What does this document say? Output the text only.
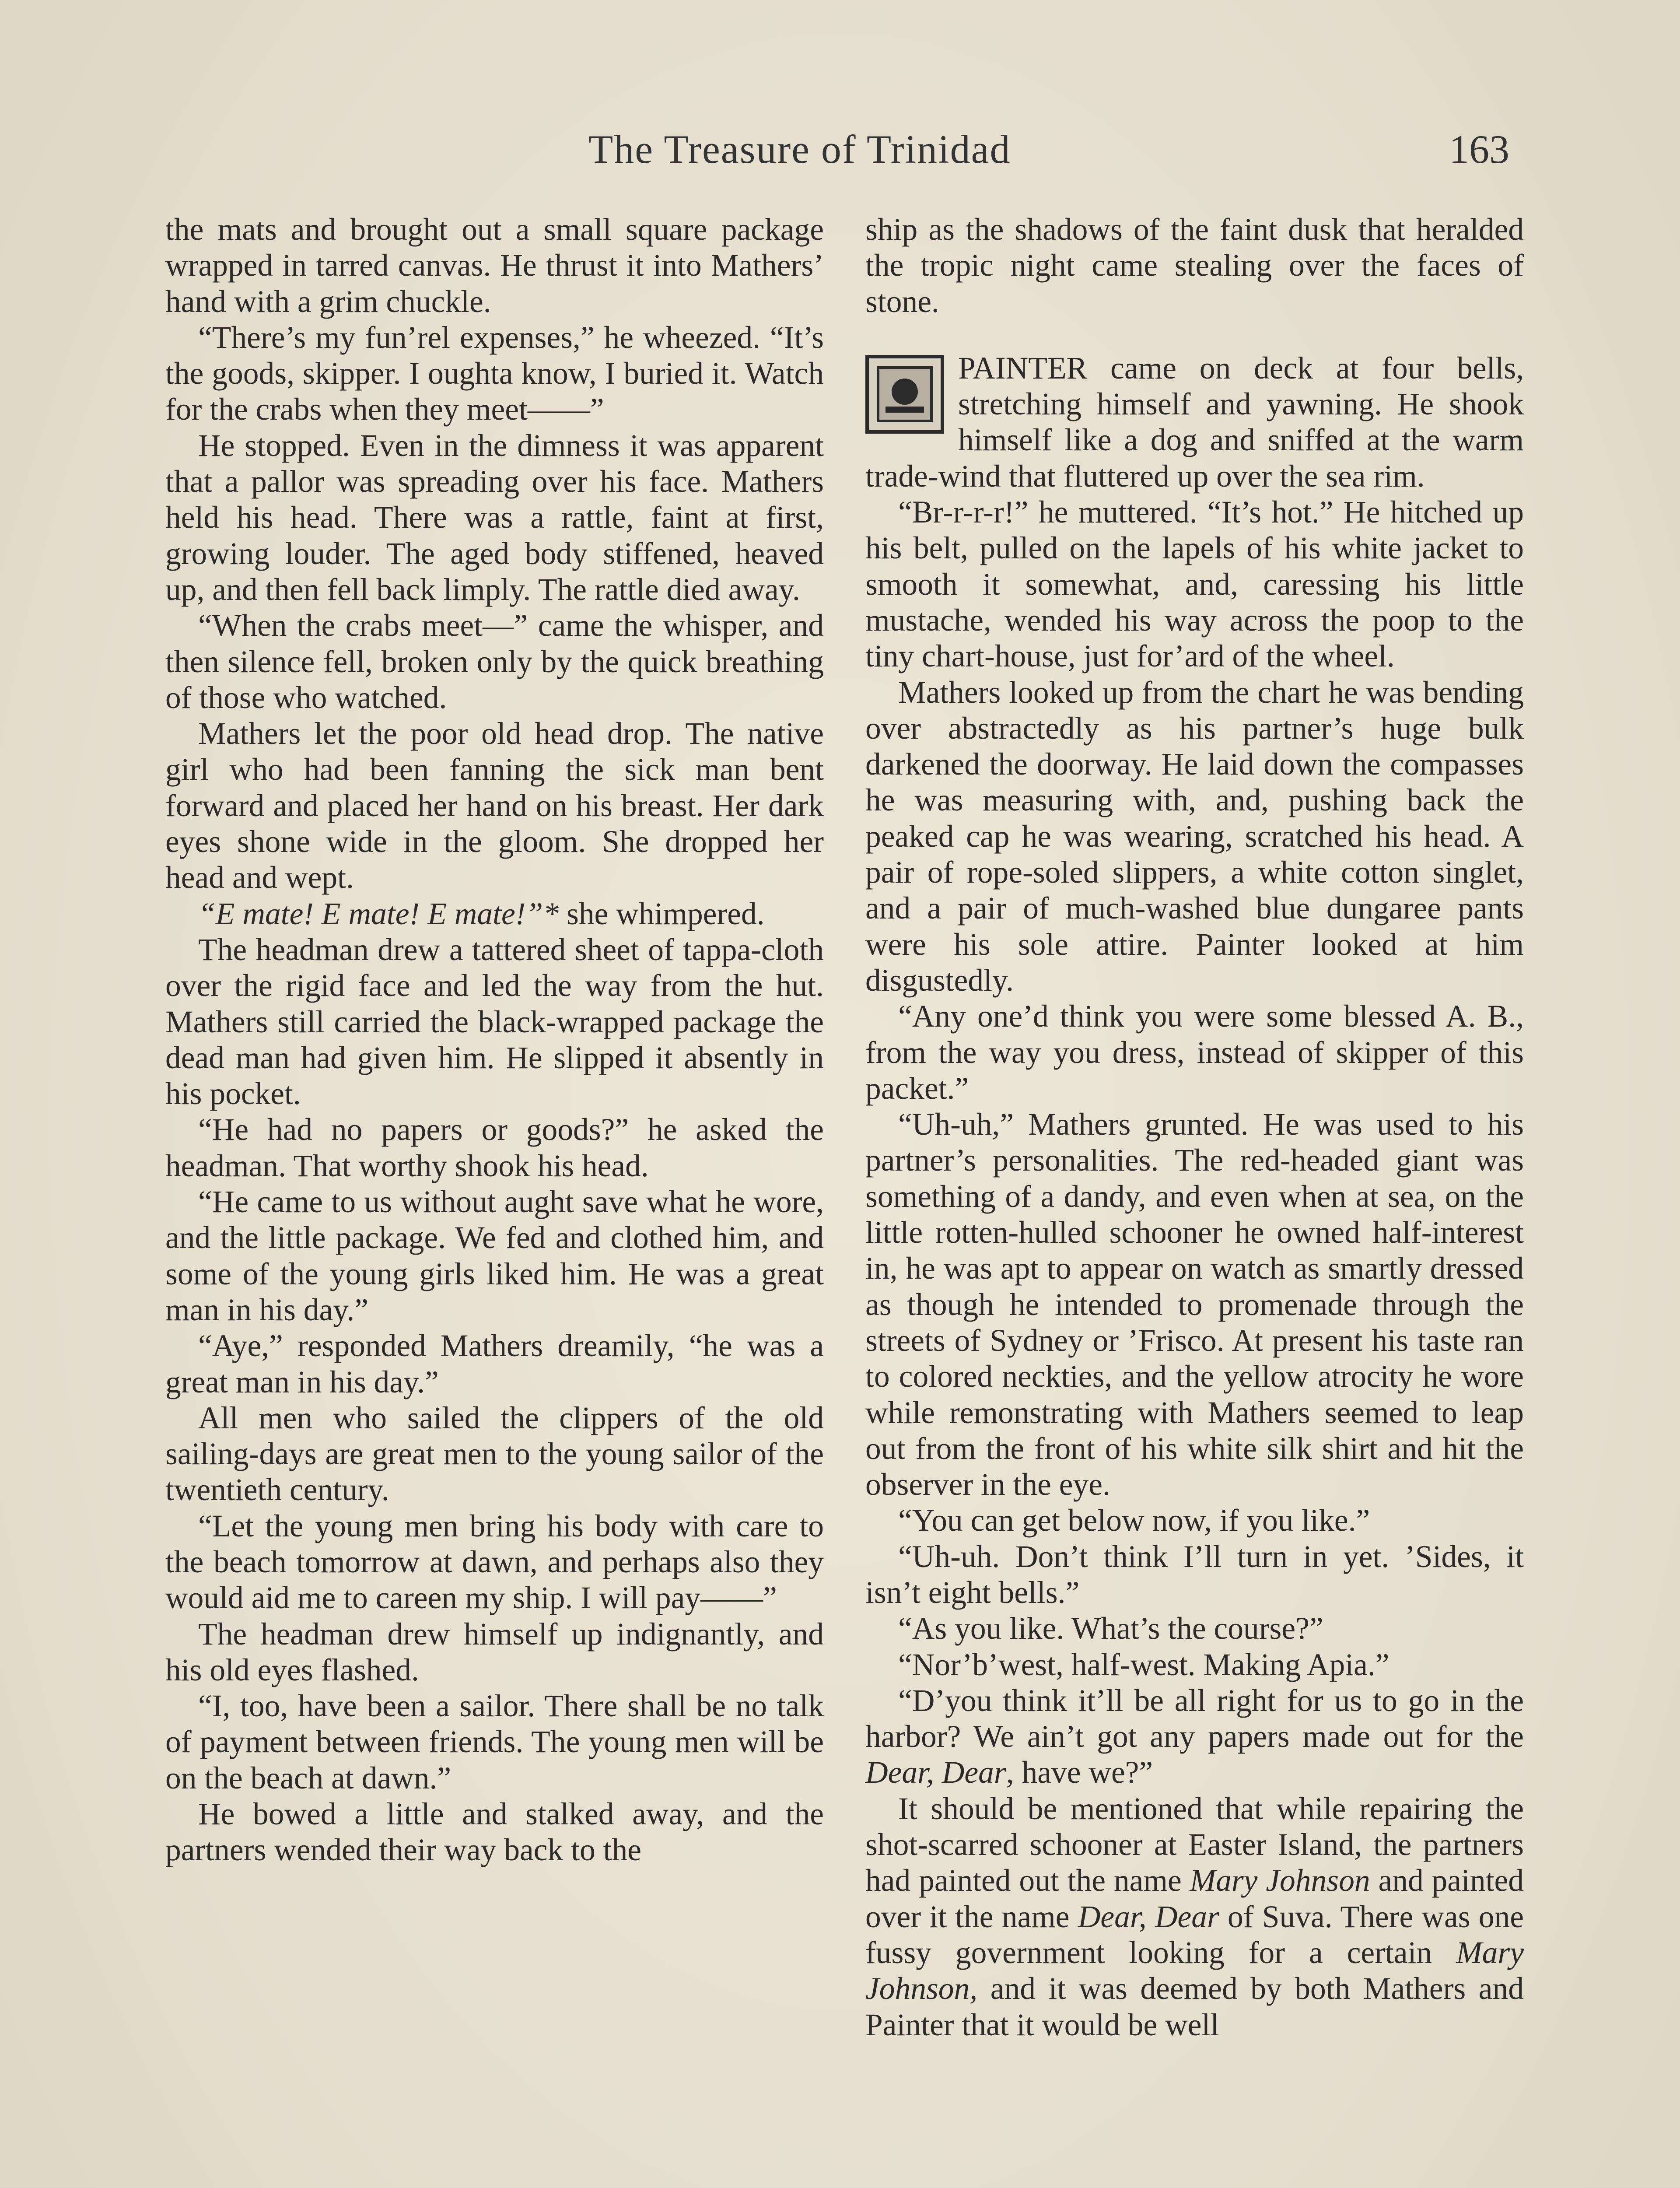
The Treasure of Trinidad	163

the mats and brought out a small square package wrapped in tarred canvas. He thrust it into Mathers’ hand with a grim chuckle.

“There’s my fun’rel expenses,” he wheezed. “It’s the goods, skipper. I oughta know, I buried it. Watch for the crabs when they meet——”

He stopped. Even in the dimness it was apparent that a pallor was spreading over his face. Mathers held his head. There was a rattle, faint at first, growing louder. The aged body stiffened, heaved up, and then fell back limply. The rattle died away.

“When the crabs meet—” came the whisper, and then silence fell, broken only by the quick breathing of those who watched.

Mathers let the poor old head drop. The native girl who had been fanning the sick man bent forward and placed her hand on his breast. Her dark eyes shone wide in the gloom. She dropped her head and wept.

“E mate! E mate! E mate!”* she whimpered.

The headman drew a tattered sheet of tappa-cloth over the rigid face and led the way from the hut. Mathers still carried the black-wrapped package the dead man had given him. He slipped it absently in his pocket.

“He had no papers or goods?” he asked the headman. That worthy shook his head.

“He came to us without aught save what he wore, and the little package. We fed and clothed him, and some of the young girls liked him. He was a great man in his day.”

“Aye,” responded Mathers dreamily, “he was a great man in his day.”

All men who sailed the clippers of the old sailing-days are great men to the young sailor of the twentieth century.

“Let the young men bring his body with care to the beach tomorrow at dawn, and perhaps also they would aid me to careen my ship. I will pay——”

The headman drew himself up indignantly, and his old eyes flashed.

“I, too, have been a sailor. There shall be no talk of payment between friends. The young men will be on the beach at dawn.”

He bowed a little and stalked away, and the partners wended their way back to the

ship as the shadows of the faint dusk that heralded the tropic night came stealing over the faces of stone.

PAINTER came on deck at four bells, stretching himself and yawning. He shook himself like a dog and sniffed at the warm trade-wind that fluttered up over the sea rim.

“Br-r-r-r!” he muttered. “It’s hot.” He hitched up his belt, pulled on the lapels of his white jacket to smooth it somewhat, and, caressing his little mustache, wended his way across the poop to the tiny chart-house, just for’ard of the wheel.

Mathers looked up from the chart he was bending over abstractedly as his partner’s huge bulk darkened the doorway. He laid down the compasses he was measuring with, and, pushing back the peaked cap he was wearing, scratched his head. A pair of rope-soled slippers, a white cotton singlet, and a pair of much-washed blue dungaree pants were his sole attire. Painter looked at him disgustedly.

“Any one’d think you were some blessed A. B., from the way you dress, instead of skipper of this packet.”

“Uh-uh,” Mathers grunted. He was used to his partner’s personalities. The red-headed giant was something of a dandy, and even when at sea, on the little rotten-hulled schooner he owned half-interest in, he was apt to appear on watch as smartly dressed as though he intended to promenade through the streets of Sydney or ’Frisco. At present his taste ran to colored neckties, and the yellow atrocity he wore while remonstrating with Mathers seemed to leap out from the front of his white silk shirt and hit the observer in the eye.

“You can get below now, if you like.”

“Uh-uh. Don’t think I’ll turn in yet. ’Sides, it isn’t eight bells.”

“As you like. What’s the course?”

“Nor’b’west, half-west. Making Apia.”

“D’you think it’ll be all right for us to go in the harbor? We ain’t got any papers made out for the Dear, Dear, have we?”

It should be mentioned that while repairing the shot-scarred schooner at Easter Island, the partners had painted out the name Mary Johnson and painted over it the name Dear, Dear of Suva. There was one fussy government looking for a certain Mary Johnson, and it was deemed by both Mathers and Painter that it would be well
